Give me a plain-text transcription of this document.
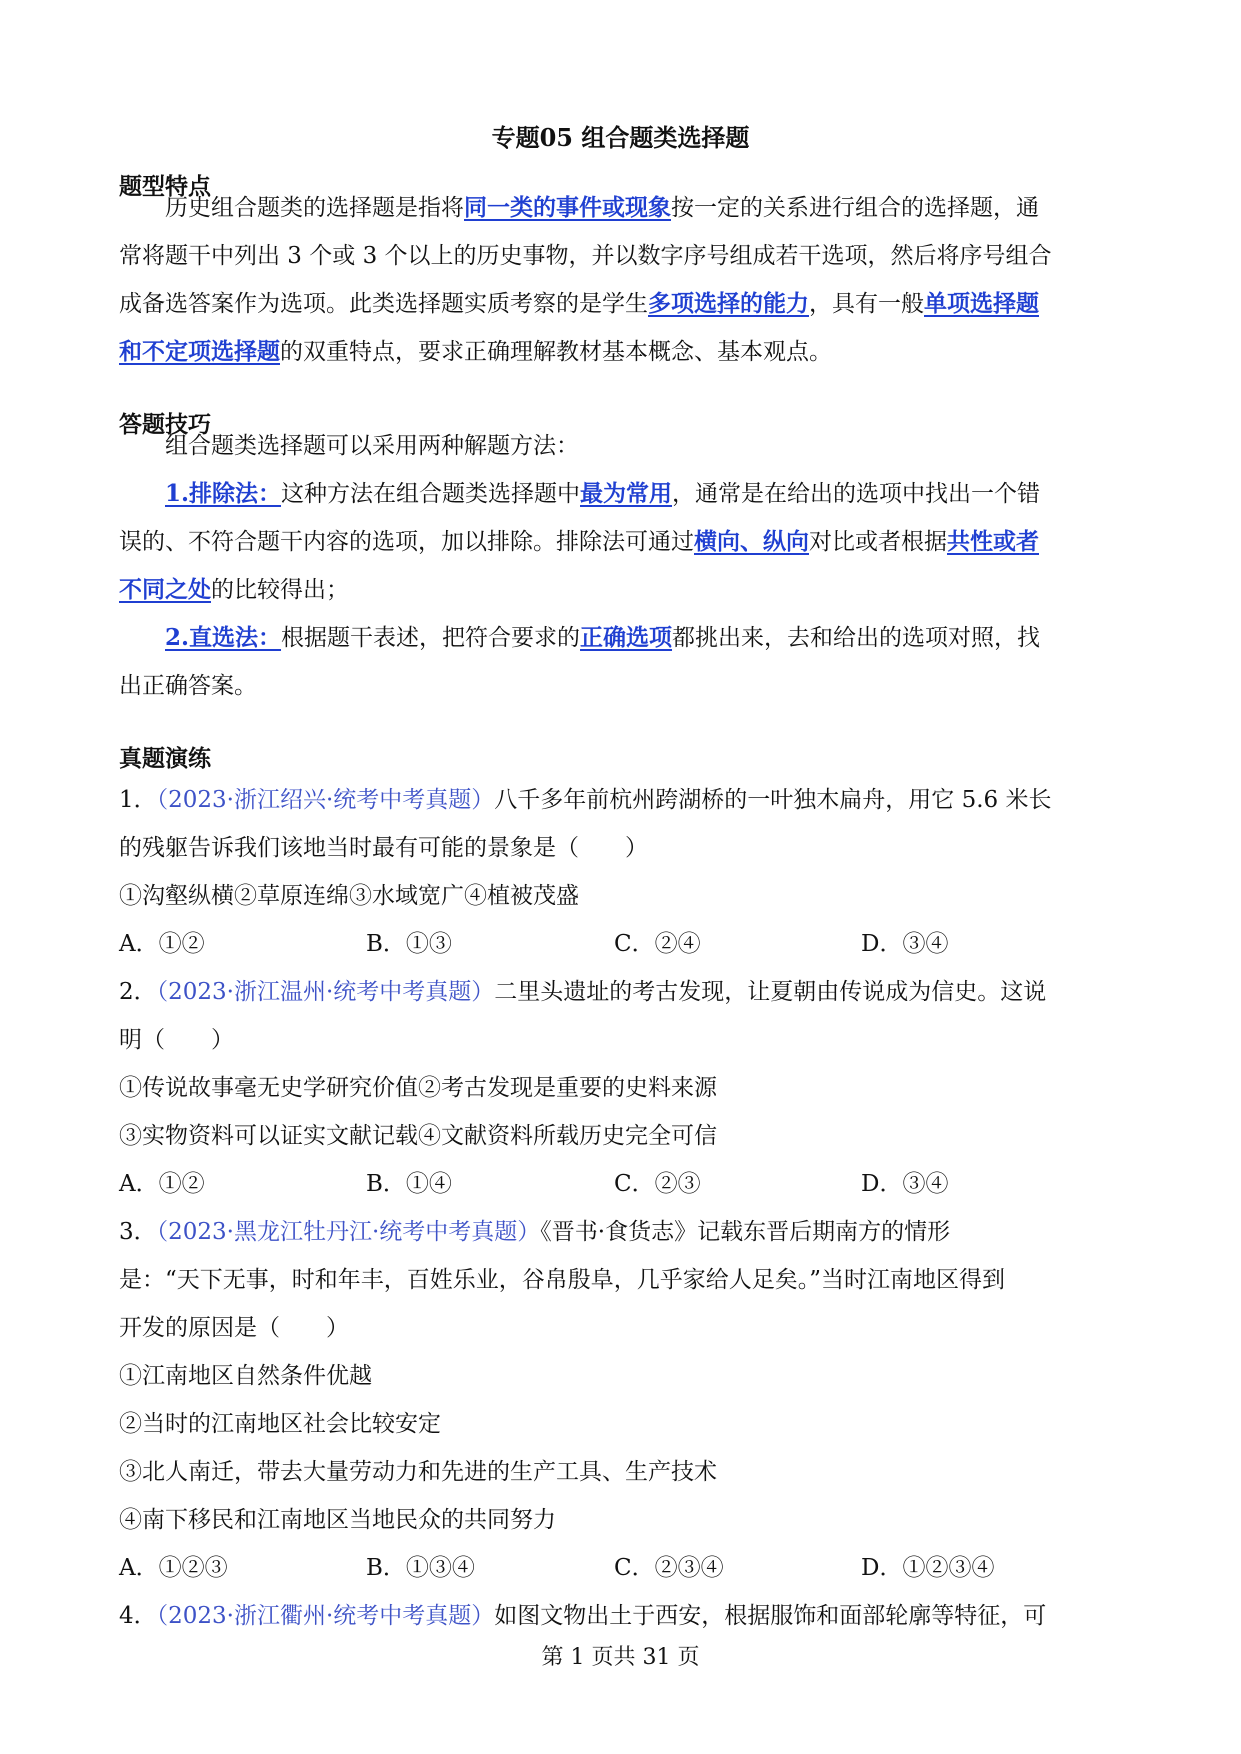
专题05 组合题类选择题
题型特点
历史组合题类的选择题是指将同一类的事件或现象按一定的关系进行组合的选择题，通
常将题干中列出 3 个或 3 个以上的历史事物，并以数字序号组成若干选项，然后将序号组合
成备选答案作为选项。此类选择题实质考察的是学生多项选择的能力，具有一般单项选择题
和不定项选择题的双重特点，要求正确理解教材基本概念、基本观点。
答题技巧
组合题类选择题可以采用两种解题方法：
1.排除法：这种方法在组合题类选择题中最为常用，通常是在给出的选项中找出一个错
误的、不符合题干内容的选项，加以排除。排除法可通过横向、纵向对比或者根据共性或者
不同之处的比较得出；
2.直选法：根据题干表述，把符合要求的正确选项都挑出来，去和给出的选项对照，找
出正确答案。
真题演练
1．（2023·浙江绍兴·统考中考真题）八千多年前杭州跨湖桥的一叶独木扁舟，用它 5.6 米长
的残躯告诉我们该地当时最有可能的景象是（　　）
①沟壑纵横②草原连绵③水域宽广④植被茂盛
A．①②	B．①③	C．②④	D．③④
2．（2023·浙江温州·统考中考真题）二里头遗址的考古发现，让夏朝由传说成为信史。这说
明（　　）
①传说故事毫无史学研究价值②考古发现是重要的史料来源
③实物资料可以证实文献记载④文献资料所载历史完全可信
A．①②	B．①④	C．②③	D．③④
3．（2023·黑龙江牡丹江·统考中考真题）《晋书·食货志》记载东晋后期南方的情形
是：“天下无事，时和年丰，百姓乐业，谷帛殷阜，几乎家给人足矣。”当时江南地区得到
开发的原因是（　　）
①江南地区自然条件优越
②当时的江南地区社会比较安定
③北人南迁，带去大量劳动力和先进的生产工具、生产技术
④南下移民和江南地区当地民众的共同努力
A．①②③	B．①③④	C．②③④	D．①②③④
4．（2023·浙江衢州·统考中考真题）如图文物出土于西安，根据服饰和面部轮廓等特征，可
第 1 页共 31 页
